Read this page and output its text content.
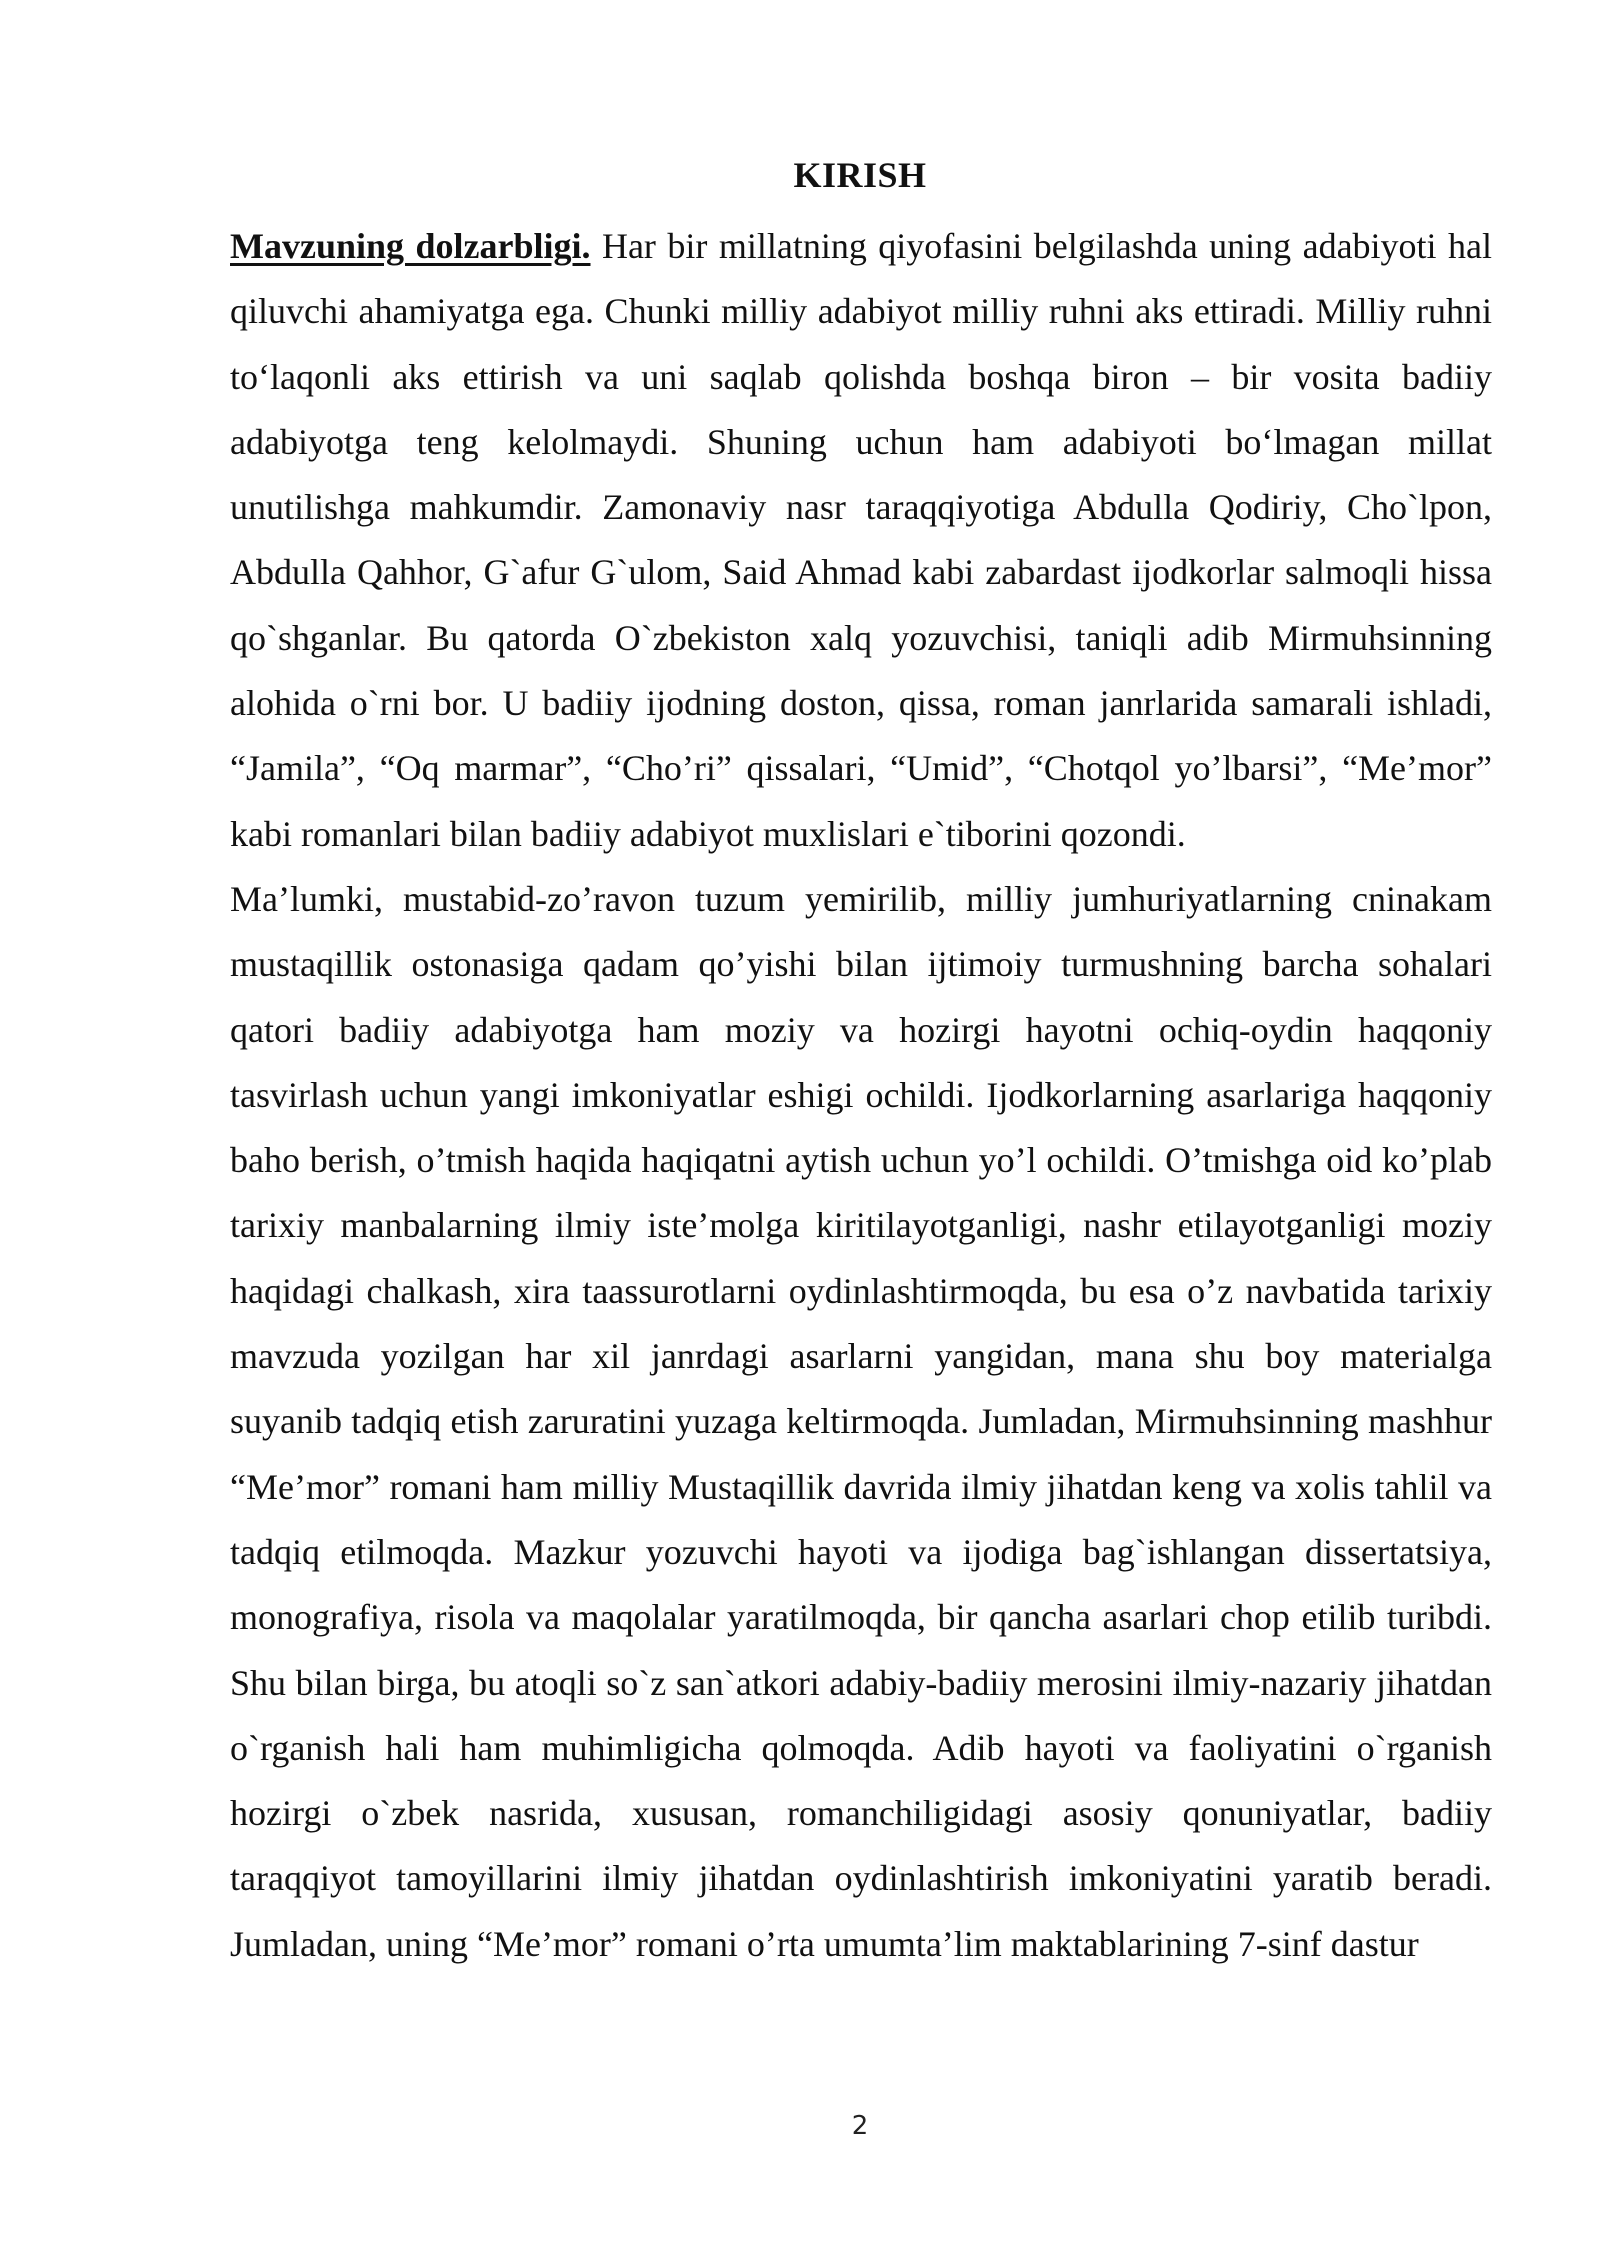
KIRISH

Mavzuning dolzarbligi. Har bir millatning qiyofasini belgilashda uning adabiyoti hal qiluvchi ahamiyatga ega. Chunki milliy adabiyot milliy ruhni aks ettiradi. Milliy ruhni to‘laqonli aks ettirish va uni saqlab qolishda boshqa biron – bir vosita badiiy adabiyotga teng kelolmaydi. Shuning uchun ham adabiyoti bo‘lmagan millat unutilishga mahkumdir. Zamonaviy nasr taraqqiyotiga Abdulla Qodiriy, Cho`lpon, Abdulla Qahhor, G`afur G`ulom, Said Ahmad kabi zabardast ijodkorlar salmoqli hissa qo`shganlar. Bu qatorda O`zbekiston xalq yozuvchisi, taniqli adib Mirmuhsinning alohida o`rni bor. U badiiy ijodning doston, qissa, roman janrlarida samarali ishladi, “Jamila”, “Oq marmar”, “Cho’ri” qissalari, “Umid”, “Chotqol yo’lbarsi”, “Me’mor” kabi romanlari bilan badiiy adabiyot muxlislari e`tiborini qozondi.

Ma’lumki, mustabid-zo’ravon tuzum yemirilib, milliy jumhuriyatlarning cninakam mustaqillik ostonasiga qadam qo’yishi bilan ijtimoiy turmushning barcha sohalari qatori badiiy adabiyotga ham moziy va hozirgi hayotni ochiq-oydin haqqoniy tasvirlash uchun yangi imkoniyatlar eshigi ochildi. Ijodkorlarning asarlariga haqqoniy baho berish, o’tmish haqida haqiqatni aytish uchun yo’l ochildi. O’tmishga oid ko’plab tarixiy manbalarning ilmiy iste’molga kiritilayotganligi, nashr etilayotganligi moziy haqidagi chalkash, xira taassurotlarni oydinlashtirmoqda, bu esa o’z navbatida tarixiy mavzuda yozilgan har xil janrdagi asarlarni yangidan, mana shu boy materialga suyanib tadqiq etish zaruratini yuzaga keltirmoqda. Jumladan, Mirmuhsinning mashhur “Me’mor” romani ham milliy Mustaqillik davrida ilmiy jihatdan keng va xolis tahlil va tadqiq etilmoqda. Mazkur yozuvchi hayoti va ijodiga bag`ishlangan dissertatsiya, monografiya, risola va maqolalar yaratilmoqda, bir qancha asarlari chop etilib turibdi. Shu bilan birga, bu atoqli so`z san`atkori adabiy-badiiy merosini ilmiy-nazariy jihatdan o`rganish hali ham muhimligicha qolmoqda. Adib hayoti va faoliyatini o`rganish hozirgi o`zbek nasrida, xususan, romanchiligidagi asosiy qonuniyatlar, badiiy taraqqiyot tamoyillarini ilmiy jihatdan oydinlashtirish imkoniyatini yaratib beradi. Jumladan, uning “Me’mor” romani o’rta umumta’lim maktablarining 7-sinf dastur

2
